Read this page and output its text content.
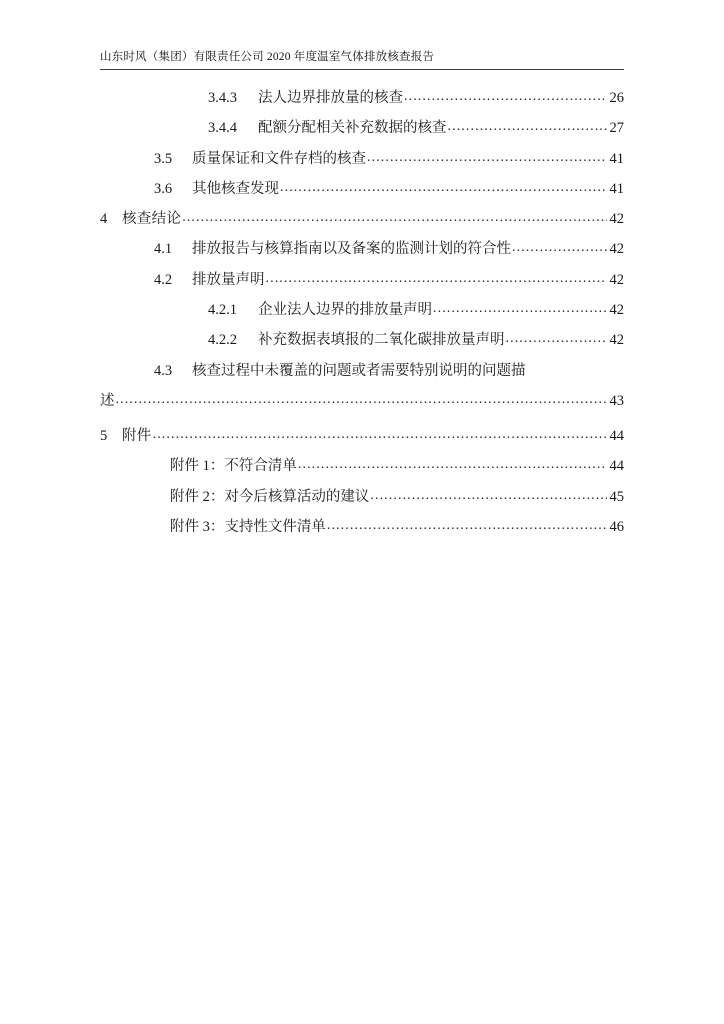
山东时风（集团）有限责任公司 2020 年度温室气体排放核查报告
3.4.3	法人边界排放量的核查 .....	26
3.4.4	配额分配相关补充数据的核查 .....	27
3.5	质量保证和文件存档的核查 .....	41
3.6	其他核查发现 .....	41
4	核查结论 .....	42
4.1	排放报告与核算指南以及备案的监测计划的符合性 .....	42
4.2	排放量声明 .....	42
4.2.1	企业法人边界的排放量声明 .....	42
4.2.2	补充数据表填报的二氧化碳排放量声明 .....	42
4.3	核查过程中未覆盖的问题或者需要特别说明的问题描
述 .....	43
5	附件 .....	44
附件 1：不符合清单 .....	44
附件 2：对今后核算活动的建议 .....	45
附件 3：支持性文件清单 .....	46
